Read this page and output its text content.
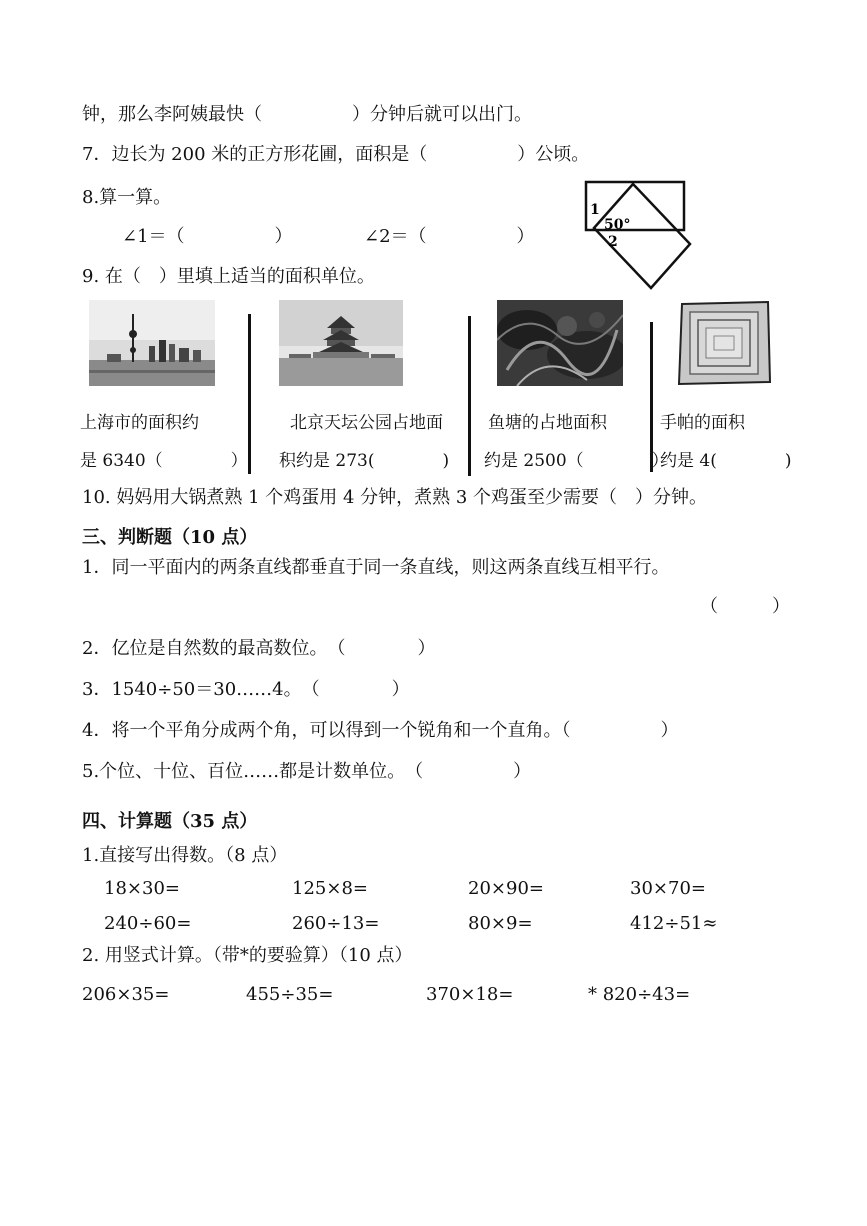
钟，那么李阿姨最快（　　　　　）分钟后就可以出门。
7．边长为 200 米的正方形花圃，面积是（　　　　　）公顷。
8.算一算。
∠1＝（　　　　　）	∠2＝（　　　　　）
1
50°
2
9. 在（　）里填上适当的面积单位。
上海市的面积约
是 6340（　　　　）
北京天坛公园占地面
积约是 273(　　　　)
鱼塘的占地面积
约是 2500（　　　　）
手帕的面积
约是 4(　　　　)
10. 妈妈用大锅煮熟 1 个鸡蛋用 4 分钟，煮熟 3 个鸡蛋至少需要（　）分钟。
三、判断题（10 点）
1．同一平面内的两条直线都垂直于同一条直线，则这两条直线互相平行。
（　　　）
2．亿位是自然数的最高数位。　（　　　　）
3．1540÷50＝30……4。　（　　　　）
4．将一个平角分成两个角，可以得到一个锐角和一个直角。（　　　　　）
5.个位、十位、百位……都是计数单位。　（　　　　　）
四、计算题（35 点）
1.直接写出得数。（8 点）
18×30=	125×8=	20×90=	30×70=
240÷60=	260÷13=	80×9=	412÷51≈
2. 用竖式计算。（带*的要验算）（10 点）
206×35=	455÷35=	370×18=	* 820÷43=
